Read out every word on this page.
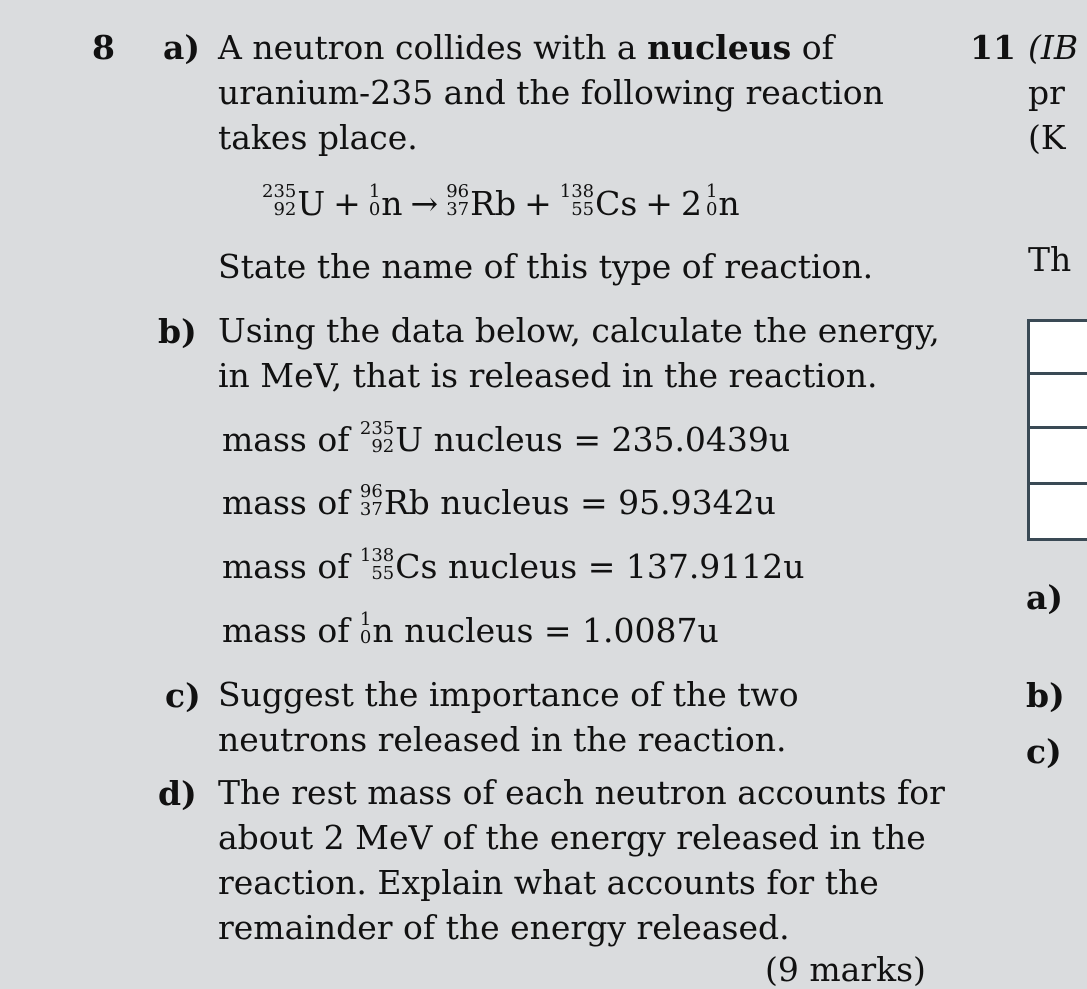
8 a) A neutron collides with a nucleus of
uranium-235 and the following reaction
takes place.
235
92 U + 1
0 n → 96
37 Rb + 138
55 Cs + 2 1
0 n
State the name of this type of reaction.
b) Using the data below, calculate the energy,
in MeV, that is released in the reaction.
mass of 235
92 U nucleus = 235.0439u
mass of 96
37 Rb nucleus = 95.9342u
mass of 138
55 Cs nucleus = 137.9112u
mass of 1
0 n nucleus = 1.0087u
c) Suggest the importance of the two
neutrons released in the reaction.
d) The rest mass of each neutron accounts for
about 2 MeV of the energy released in the
reaction. Explain what accounts for the
remainder of the energy released.
(9 marks)
11 (IB
pr
(K
Th
a)
b)
c)
